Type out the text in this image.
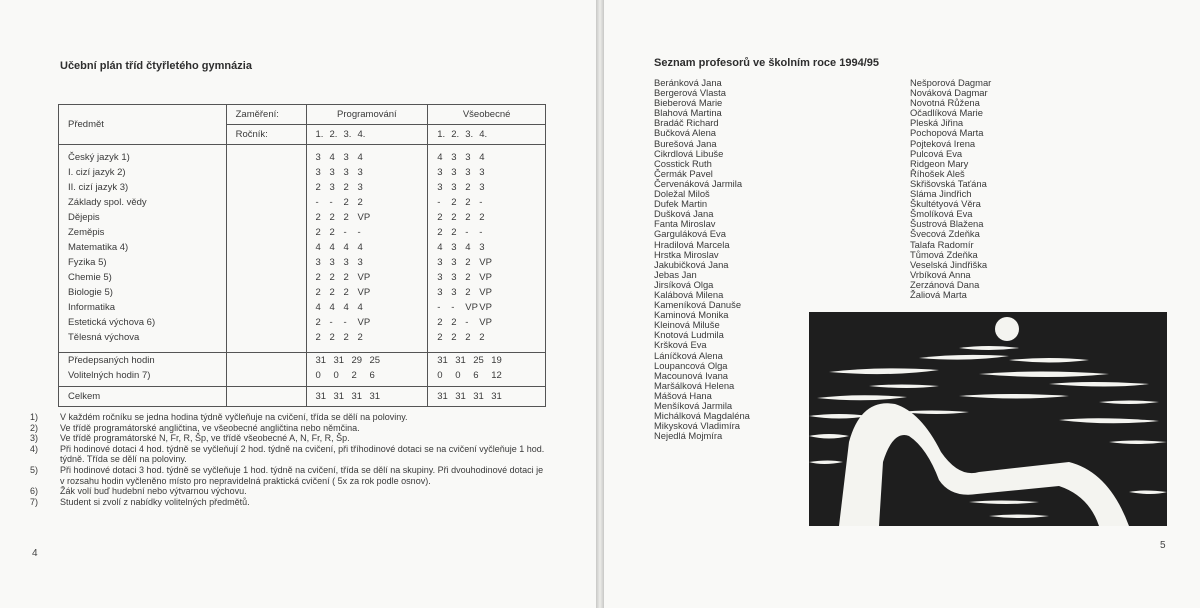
Učební plán tříd čtyřletého gymnázia
Předmět	Zaměření:	Programování	Všeobecné
	Ročník:	1. 2. 3. 4.	1. 2. 3. 4.

Český jazyk 1)		3 4 3 4	4 3 3 4
I. cizí jazyk 2)		3 3 3 3	3 3 3 3
II. cizí jazyk 3)		2 3 2 3	3 3 2 3
Základy spol. vědy		- - 2 2	- 2 2 -
Dějepis		2 2 2 VP	2 2 2 2
Zeměpis		2 2 - -	2 2 - -
Matematika 4)		4 4 4 4	4 3 4 3
Fyzika 5)		3 3 3 3	3 3 2 VP
Chemie 5)		2 2 2 VP	3 3 2 VP
Biologie 5)		2 2 2 VP	3 3 2 VP
Informatika		4 4 4 4	- - VPVP
Estetická výchova 6)		2 - - VP	2 2 - VP
Tělesná výchova		2 2 2 2	2 2 2 2

Předepsaných hodin		31 31 29 25	31 31 25 19
Volitelných hodin 7)		0 0 2 6	0 0 6 12
Celkem		31 31 31 31	31 31 31 31
1) V každém ročníku se jedna hodina týdně vyčleňuje na cvičení, třída se dělí na poloviny.
2) Ve třídě programátorské angličtina, ve všeobecné angličtina nebo němčina.
3) Ve třídě programátorské N, Fr, R, Šp, ve třídě všeobecné A, N, Fr, R, Šp.
4) Při hodinové dotaci 4 hod. týdně se vyčleňují 2 hod. týdně na cvičení, při tříhodinové dotaci se na cvičení vyčleňuje 1 hod. týdně. Třída se dělí na poloviny.
5) Při hodinové dotaci 3 hod. týdně se vyčleňuje 1 hod. týdně na cvičení, třída se dělí na skupiny. Při dvouhodinové dotaci je v rozsahu hodin vyčleněno místo pro nepravidelná praktická cvičení ( 5x za rok podle osnov).
6) Žák volí buď hudební nebo výtvarnou výchovu.
7) Student si zvolí z nabídky volitelných předmětů.
4
Seznam profesorů ve školním roce 1994/95
Beránková Jana
Bergerová Vlasta
Bieberová Marie
Blahová Martina
Bradáč Richard
Bučková Alena
Burešová Jana
Cikrdlová Libuše
Cosstick Ruth
Čermák Pavel
Červenáková Jarmila
Doležal Miloš
Dufek Martin
Dušková Jana
Fanta Miroslav
Garguláková Eva
Hradilová Marcela
Hrstka Miroslav
Jakubičková Jana
Jebas Jan
Jirsíková Olga
Kalábová Milena
Kameníková Danuše
Kaminová Monika
Kleinová Miluše
Knotová Ludmila
Kršková Eva
Láníčková Alena
Loupancová Olga
Macounová Ivana
Maršálková Helena
Mášová Hana
Menšíková Jarmila
Michálková Magdaléna
Mikysková Vladimíra
Nejedlá Mojmíra
Nešporová Dagmar
Nováková Dagmar
Novotná Růžena
Očadlíková Marie
Pleská Jiřina
Pochopová Marta
Pojteková Irena
Pulcová Eva
Ridgeon Mary
Říhošek Aleš
Skřišovská Taťána
Sláma Jindřich
Škultétyová Věra
Šmolíková Eva
Šustrová Blažena
Švecová Zdeňka
Talafa Radomír
Tůmová Zdeňka
Veselská Jindřiška
Vrbíková Anna
Zerzánová Dana
Žaliová Marta
5
